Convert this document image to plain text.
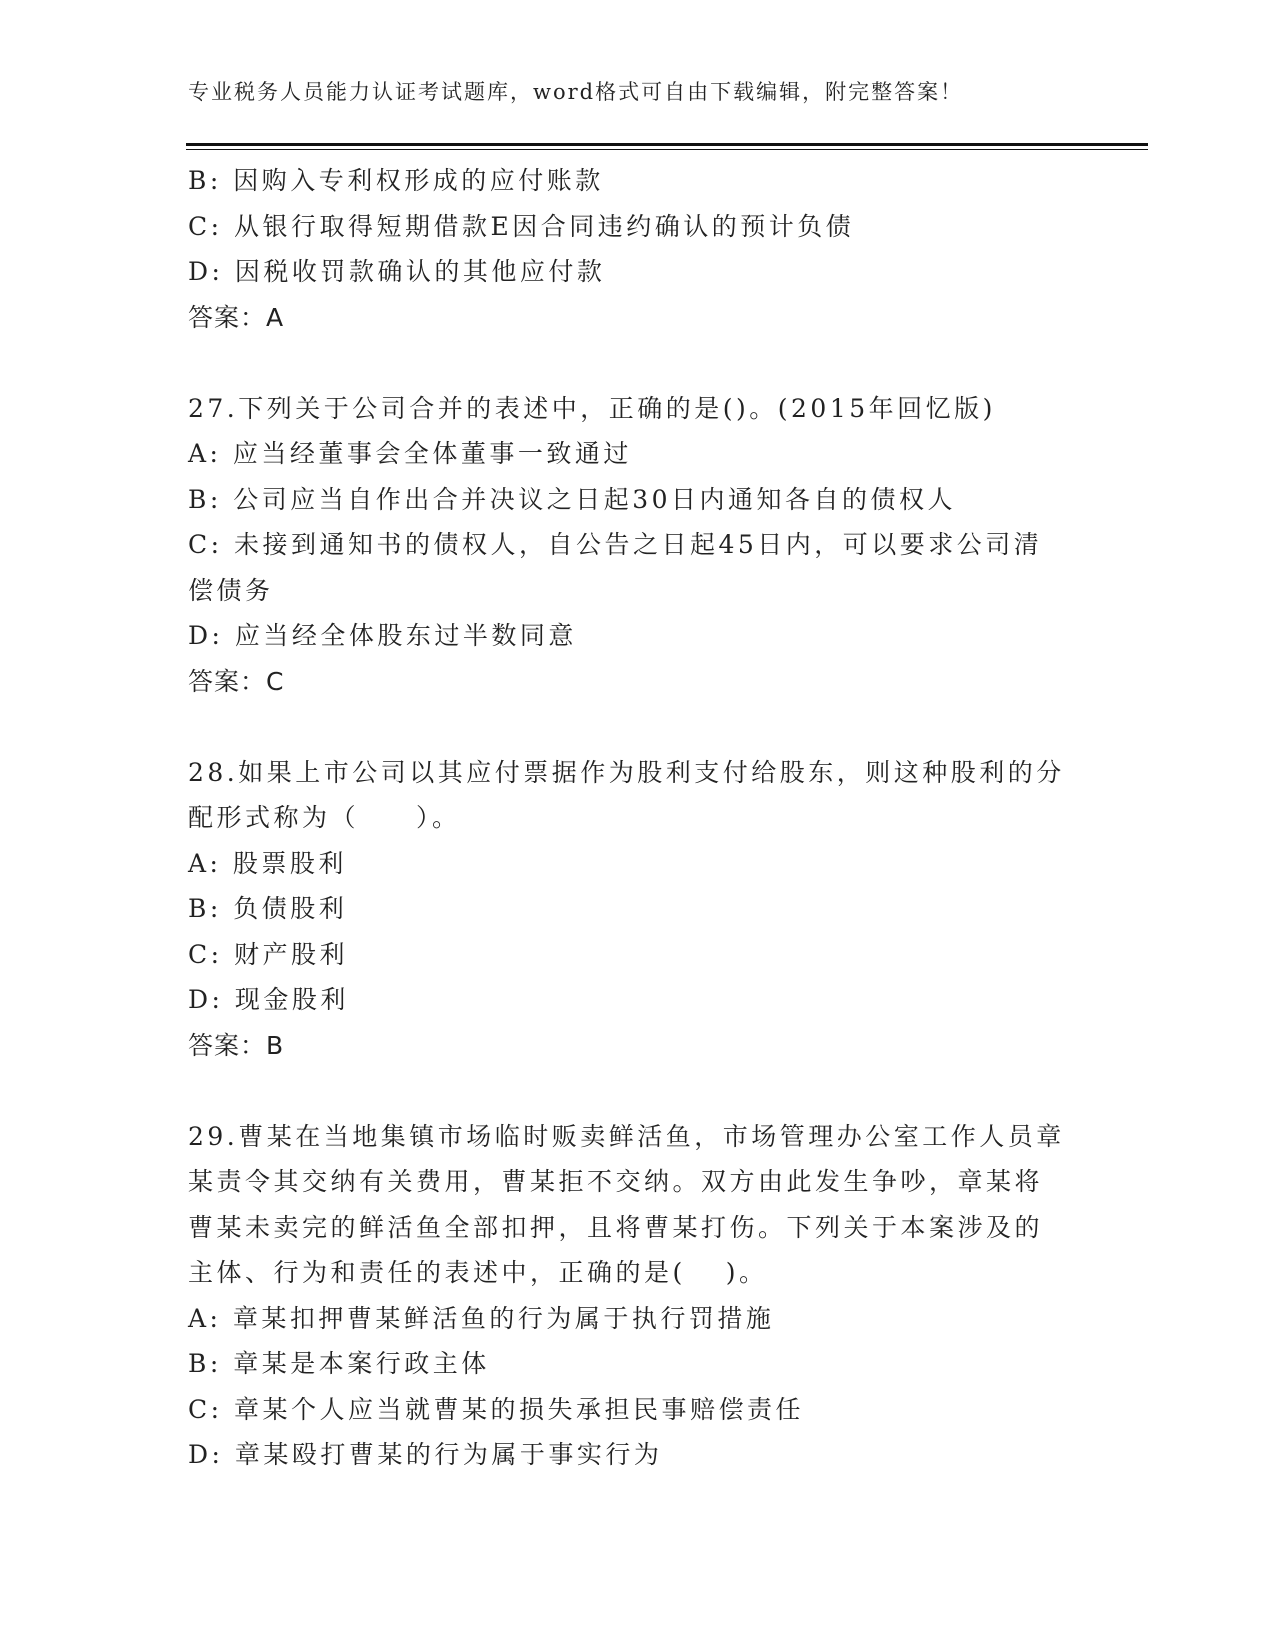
专业税务人员能力认证考试题库，word格式可自由下载编辑，附完整答案！
B: 因购入专利权形成的应付账款
C: 从银行取得短期借款E因合同违约确认的预计负债
D: 因税收罚款确认的其他应付款
答案：A
27.下列关于公司合并的表述中，正确的是()。(2015年回忆版)
A: 应当经董事会全体董事一致通过
B: 公司应当自作出合并决议之日起30日内通知各自的债权人
C: 未接到通知书的债权人，自公告之日起45日内，可以要求公司清
偿债务
D: 应当经全体股东过半数同意
答案：C
28.如果上市公司以其应付票据作为股利支付给股东，则这种股利的分
配形式称为（　　）。
A: 股票股利
B: 负债股利
C: 财产股利
D: 现金股利
答案：B
29.曹某在当地集镇市场临时贩卖鲜活鱼，市场管理办公室工作人员章
某责令其交纳有关费用，曹某拒不交纳。双方由此发生争吵，章某将
曹某未卖完的鲜活鱼全部扣押，且将曹某打伤。下列关于本案涉及的
主体、行为和责任的表述中，正确的是(　 )。
A: 章某扣押曹某鲜活鱼的行为属于执行罚措施
B: 章某是本案行政主体
C: 章某个人应当就曹某的损失承担民事赔偿责任
D: 章某殴打曹某的行为属于事实行为
